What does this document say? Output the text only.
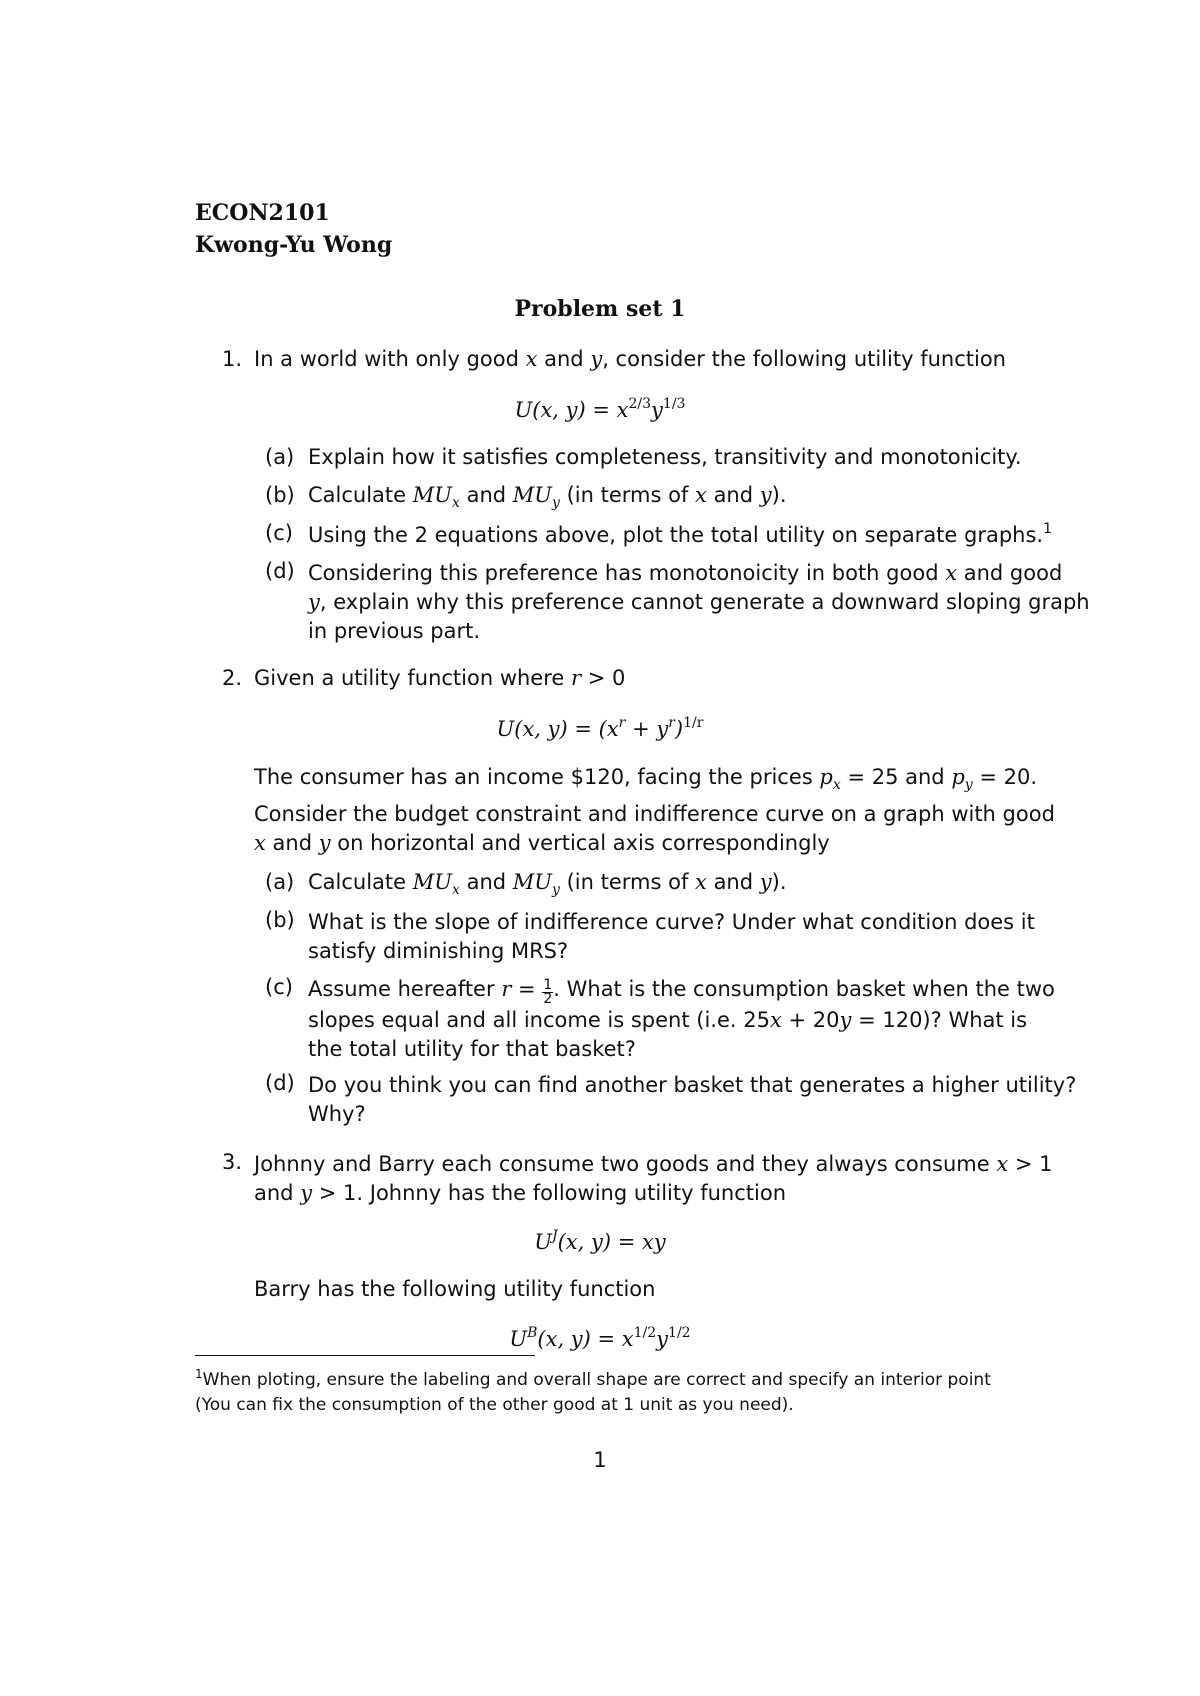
ECON2101
Kwong-Yu Wong
Problem set 1
1. In a world with only good x and y, consider the following utility function
U(x, $y) = x^{2/3}y^{1/3}$
(a) Explain how it satisfies completeness, transitivity and monotonicity.
(b) Calculate $MU_x$ and $MU_y$ (in terms of x and y).
(c) Using the 2 equations above, plot the total utility on separate graphs.$^1$
(d) Considering this preference has monotonoicity in both good x and good
y, explain why this preference cannot generate a downward sloping graph
in previous part.
2. Given a utility function where r > 0
U(x, $y) = (x^r + y^r)^{1/r}$
The consumer has an income $120, facing the prices $p_x = 25$ and $p_y = 20$.
Consider the budget constraint and indifference curve on a graph with good
x and y on horizontal and vertical axis correspondingly
(a) Calculate $MU_x$ and $MU_y$ (in terms of x and y).
(b) What is the slope of indifference curve? Under what condition does it
satisfy diminishing MRS?
(c) Assume hereafter $r = \frac{1}{2}$ . What is the consumption basket when the two
slopes equal and all income is spent (i.e. 25x + 20y = 120)? What is
the total utility for that basket?
(d) Do you think you can find another basket that generates a higher utility?
Why?
3. Johnny and Barry each consume two goods and they always consume x > 1
and y > 1. Johnny has the following utility function
$U^J(x$, y) = xy
Barry has the following utility function
$U^B(x$, $y) = x^{1/2}y^{1/2}$
$^1$When ploting, ensure the labeling and overall shape are correct and specify an interior point
(You can fix the consumption of the other good at 1 unit as you need).
1
